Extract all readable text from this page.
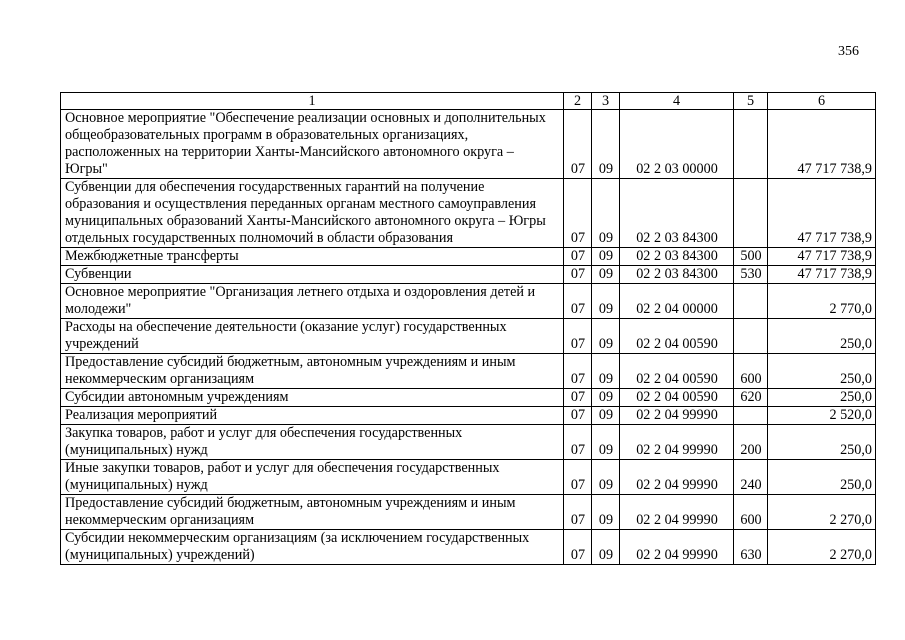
356
1	2	3	4	5	6
Основное мероприятие "Обеспечение реализации основных и дополнительных общеобразовательных программ в образовательных организациях, расположенных на территории Ханты-Мансийского автономного округа – Югры"	07	09	02 2 03 00000		47 717 738,9
Субвенции для обеспечения государственных гарантий на получение образования и осуществления переданных органам местного самоуправления муниципальных образований Ханты-Мансийского автономного округа – Югры отдельных государственных полномочий в области образования	07	09	02 2 03 84300		47 717 738,9
Межбюджетные трансферты	07	09	02 2 03 84300	500	47 717 738,9
Субвенции	07	09	02 2 03 84300	530	47 717 738,9
Основное мероприятие "Организация летнего отдыха и оздоровления детей и молодежи"	07	09	02 2 04 00000		2 770,0
Расходы на обеспечение деятельности (оказание услуг) государственных учреждений	07	09	02 2 04 00590		250,0
Предоставление субсидий бюджетным, автономным учреждениям и иным некоммерческим организациям	07	09	02 2 04 00590	600	250,0
Субсидии автономным учреждениям	07	09	02 2 04 00590	620	250,0
Реализация мероприятий	07	09	02 2 04 99990		2 520,0
Закупка товаров, работ и услуг для обеспечения государственных (муниципальных) нужд	07	09	02 2 04 99990	200	250,0
Иные закупки товаров, работ и услуг для обеспечения государственных (муниципальных) нужд	07	09	02 2 04 99990	240	250,0
Предоставление субсидий бюджетным, автономным учреждениям и иным некоммерческим организациям	07	09	02 2 04 99990	600	2 270,0
Субсидии некоммерческим организациям (за исключением государственных (муниципальных) учреждений)	07	09	02 2 04 99990	630	2 270,0
